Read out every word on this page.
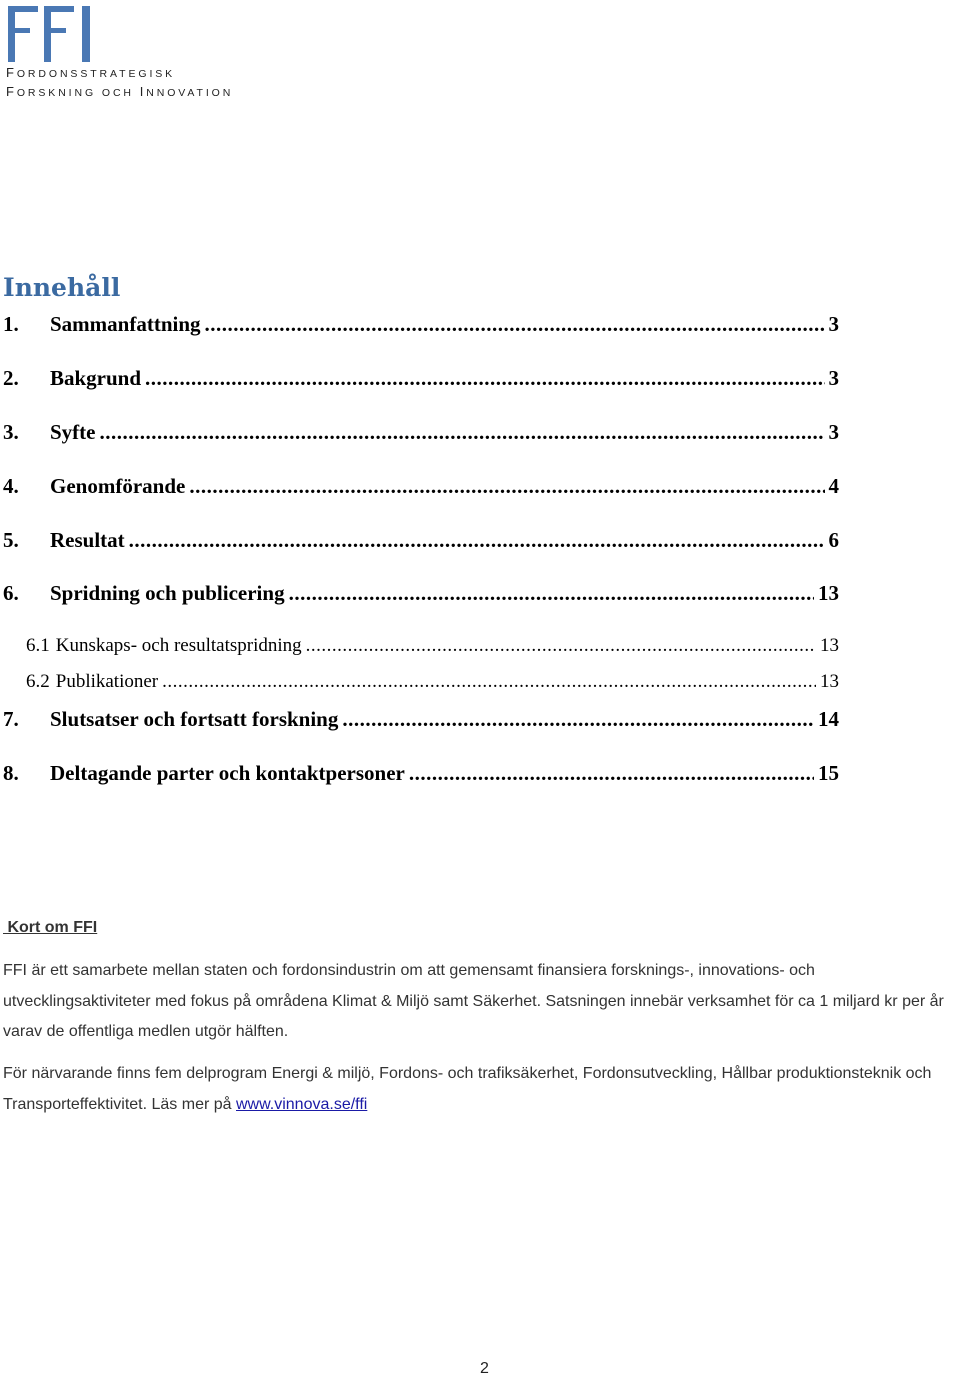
FORDONSSTRATEGISK
FORSKNING OCH INNOVATION
Innehåll
1.	Sammanfattning .....	3
2.	Bakgrund .....	3
3.	Syfte .....	3
4.	Genomförande .....	4
5.	Resultat .....	6
6.	Spridning och publicering .....	13
6.1 Kunskaps- och resultatspridning .....	13
6.2 Publikationer .....	13
7.	Slutsatser och fortsatt forskning .....	14
8.	Deltagande parter och kontaktpersoner .....	15
Kort om FFI

FFI är ett samarbete mellan staten och fordonsindustrin om att gemensamt finansiera forsknings-, innovations- och utvecklingsaktiviteter med fokus på områdena Klimat & Miljö samt Säkerhet. Satsningen innebär verksamhet för ca 1 miljard kr per år varav de offentliga medlen utgör hälften.

För närvarande finns fem delprogram Energi & miljö, Fordons- och trafiksäkerhet, Fordonsutveckling, Hållbar produktionsteknik och Transporteffektivitet. Läs mer på www.vinnova.se/ffi

2
